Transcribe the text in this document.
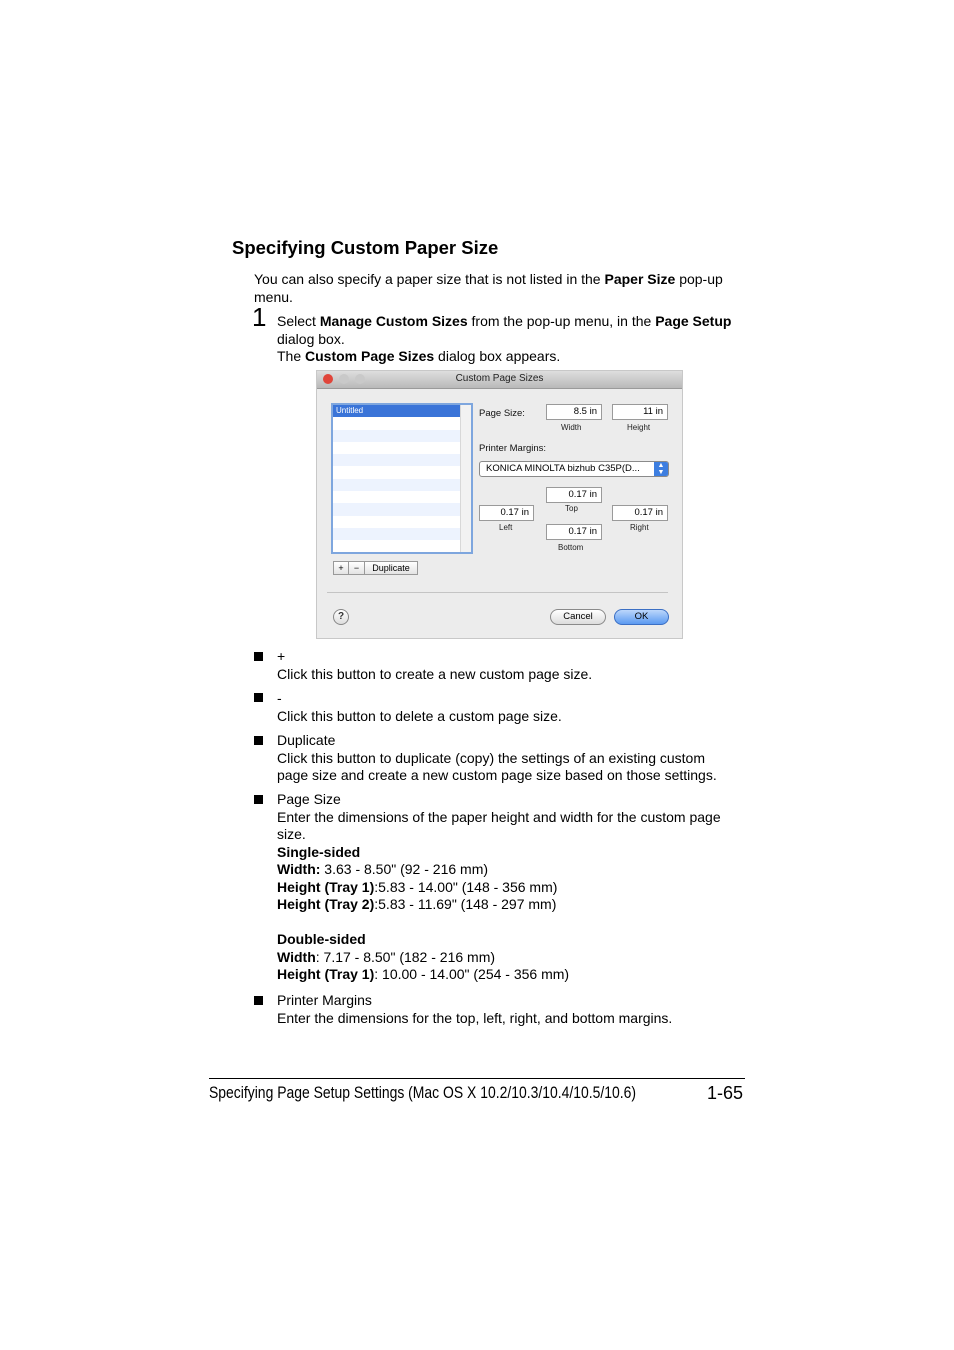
Specifying Custom Paper Size
You can also specify a paper size that is not listed in the Paper Size pop-up
menu.
1 Select Manage Custom Sizes from the pop-up menu, in the Page Setup
dialog box.
The Custom Page Sizes dialog box appears.
Custom Page Sizes
Untitled	Page Size:	8.5 in
Width
11 in
Height
Printer Margins:
KONICA MINOLTA bizhub C35P(D...	▲
▼
0.17 in
Top
0.17 in
Left
0.17 in
Right
0.17 in
Bottom
+	−	Duplicate
?	Cancel	OK
+
Click this button to create a new custom page size.
-
Click this button to delete a custom page size.
Duplicate
Click this button to duplicate (copy) the settings of an existing custom
page size and create a new custom page size based on those settings.
Page Size
Enter the dimensions of the paper height and width for the custom page
size.
Single-sided
Width: 3.63 - 8.50" (92 - 216 mm)
Height (Tray 1):5.83 - 14.00" (148 - 356 mm)
Height (Tray 2):5.83 - 11.69" (148 - 297 mm)
Double-sided
Width: 7.17 - 8.50" (182 - 216 mm)
Height (Tray 1): 10.00 - 14.00" (254 - 356 mm)
Printer Margins
Enter the dimensions for the top, left, right, and bottom margins.
Specifying Page Setup Settings (Mac OS X 10.2/10.3/10.4/10.5/10.6)	1-65
